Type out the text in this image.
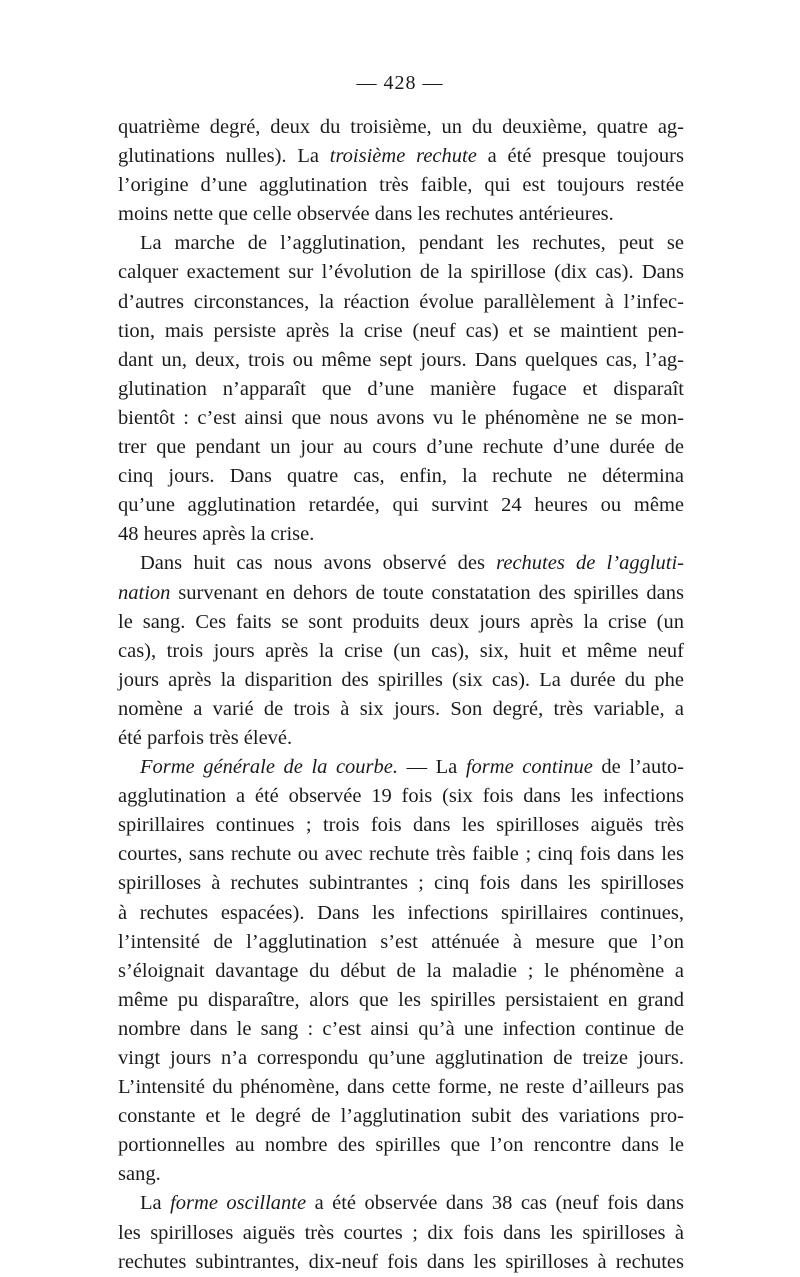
— 428 —
quatrième degré, deux du troisième, un du deuxième, quatre ag-
glutinations nulles). La troisième rechute a été presque toujours
l’origine d’une agglutination très faible, qui est toujours restée
moins nette que celle observée dans les rechutes antérieures.
La marche de l’agglutination, pendant les rechutes, peut se
calquer exactement sur l’évolution de la spirillose (dix cas). Dans
d’autres circonstances, la réaction évolue parallèlement à l’infec-
tion, mais persiste après la crise (neuf cas) et se maintient pen-
dant un, deux, trois ou même sept jours. Dans quelques cas, l’ag-
glutination n’apparaît que d’une manière fugace et disparaît
bientôt : c’est ainsi que nous avons vu le phénomène ne se mon-
trer que pendant un jour au cours d’une rechute d’une durée de
cinq jours. Dans quatre cas, enfin, la rechute ne détermina
qu’une agglutination retardée, qui survint 24 heures ou même
48 heures après la crise.
Dans huit cas nous avons observé des rechutes de l’aggluti-
nation survenant en dehors de toute constatation des spirilles dans
le sang. Ces faits se sont produits deux jours après la crise (un
cas), trois jours après la crise (un cas), six, huit et même neuf
jours après la disparition des spirilles (six cas). La durée du phe
nomène a varié de trois à six jours. Son degré, très variable, a
été parfois très élevé.
Forme générale de la courbe. — La forme continue de l’auto-
agglutination a été observée 19 fois (six fois dans les infections
spirillaires continues ; trois fois dans les spirilloses aiguës très
courtes, sans rechute ou avec rechute très faible ; cinq fois dans les
spirilloses à rechutes subintrantes ; cinq fois dans les spirilloses
à rechutes espacées). Dans les infections spirillaires continues,
l’intensité de l’agglutination s’est atténuée à mesure que l’on
s’éloignait davantage du début de la maladie ; le phénomène a
même pu disparaître, alors que les spirilles persistaient en grand
nombre dans le sang : c’est ainsi qu’à une infection continue de
vingt jours n’a correspondu qu’une agglutination de treize jours.
L’intensité du phénomène, dans cette forme, ne reste d’ailleurs pas
constante et le degré de l’agglutination subit des variations pro-
portionnelles au nombre des spirilles que l’on rencontre dans le
sang.
La forme oscillante a été observée dans 38 cas (neuf fois dans
les spirilloses aiguës très courtes ; dix fois dans les spirilloses à
rechutes subintrantes, dix-neuf fois dans les spirilloses à rechutes
